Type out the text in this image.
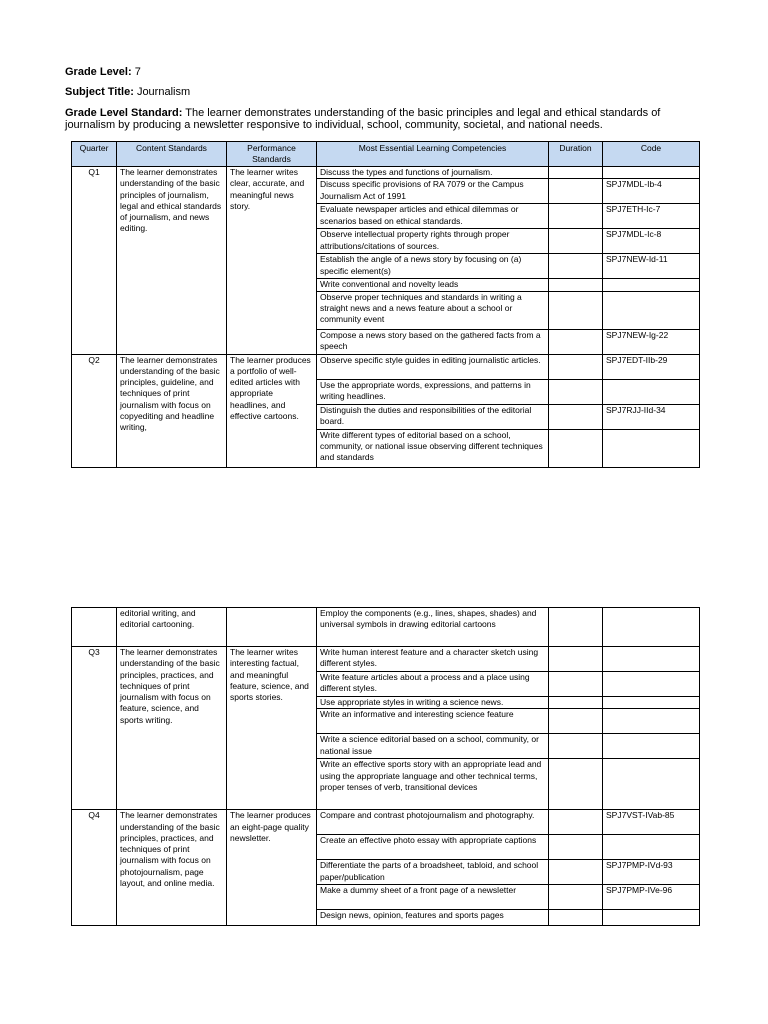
Grade Level: 7
Subject Title: Journalism
Grade Level Standard: The learner demonstrates understanding of the basic principles and legal and ethical standards of journalism by producing a newsletter responsive to individual, school, community, societal, and national needs.
Quarter	Content Standards	Performance Standards	Most Essential Learning Competencies	Duration	Code
Q1	The learner demonstrates understanding of the basic principles of journalism, legal and ethical standards of journalism, and news editing.	The learner writes clear, accurate, and meaningful news story.	Discuss the types and functions of journalism.		
			Discuss specific provisions of RA 7079 or the Campus Journalism Act of 1991		SPJ7MDL-Ib-4
			Evaluate newspaper articles and ethical dilemmas or scenarios based on ethical standards.		SPJ7ETH-Ic-7
			Observe intellectual property rights through proper attributions/citations of sources.		SPJ7MDL-Ic-8
			Establish the angle of a news story by focusing on (a) specific element(s)		SPJ7NEW-Id-11
			Write conventional and novelty leads		
			Observe proper techniques and standards in writing a straight news and a news feature about a school or community event		
			Compose a news story based on the gathered facts from a speech		SPJ7NEW-Ig-22
Q2	The learner demonstrates understanding of the basic principles, guideline, and techniques of print journalism with focus on copyediting and headline writing,	The learner produces a portfolio of well-edited articles with appropriate headlines, and effective cartoons.	Observe specific style guides in editing journalistic articles.		SPJ7EDT-IIb-29
			Use the appropriate words, expressions, and patterns in writing headlines.		
			Distinguish the duties and responsibilities of the editorial board.		SPJ7RJJ-IId-34
			Write different types of editorial based on a school, community, or national issue observing different techniques and standards		
	editorial writing, and editorial cartooning.		Employ the components (e.g., lines, shapes, shades) and universal symbols in drawing editorial cartoons		
Q3	The learner demonstrates understanding of the basic principles, practices, and techniques of print journalism with focus on feature, science, and sports writing.	The learner writes interesting factual, and meaningful feature, science, and sports stories.	Write human interest feature and a character sketch using different styles.		
			Write feature articles about a process and a place using different styles.		
			Use appropriate styles in writing a science news.		
			Write an informative and interesting science feature		
			Write a science editorial based on a school, community, or national issue		
			Write an effective sports story with an appropriate lead and using the appropriate language and other technical terms, proper tenses of verb, transitional devices		
Q4	The learner demonstrates understanding of the basic principles, practices, and techniques of print journalism with focus on photojournalism, page layout, and online media.	The learner produces an eight-page quality newsletter.	Compare and contrast photojournalism and photography.		SPJ7VST-IVab-85
			Create an effective photo essay with appropriate captions		
			Differentiate the parts of a broadsheet, tabloid, and school paper/publication		SPJ7PMP-IVd-93
			Make a dummy sheet of a front page of a newsletter		SPJ7PMP-IVe-96
			Design news, opinion, features and sports pages		
